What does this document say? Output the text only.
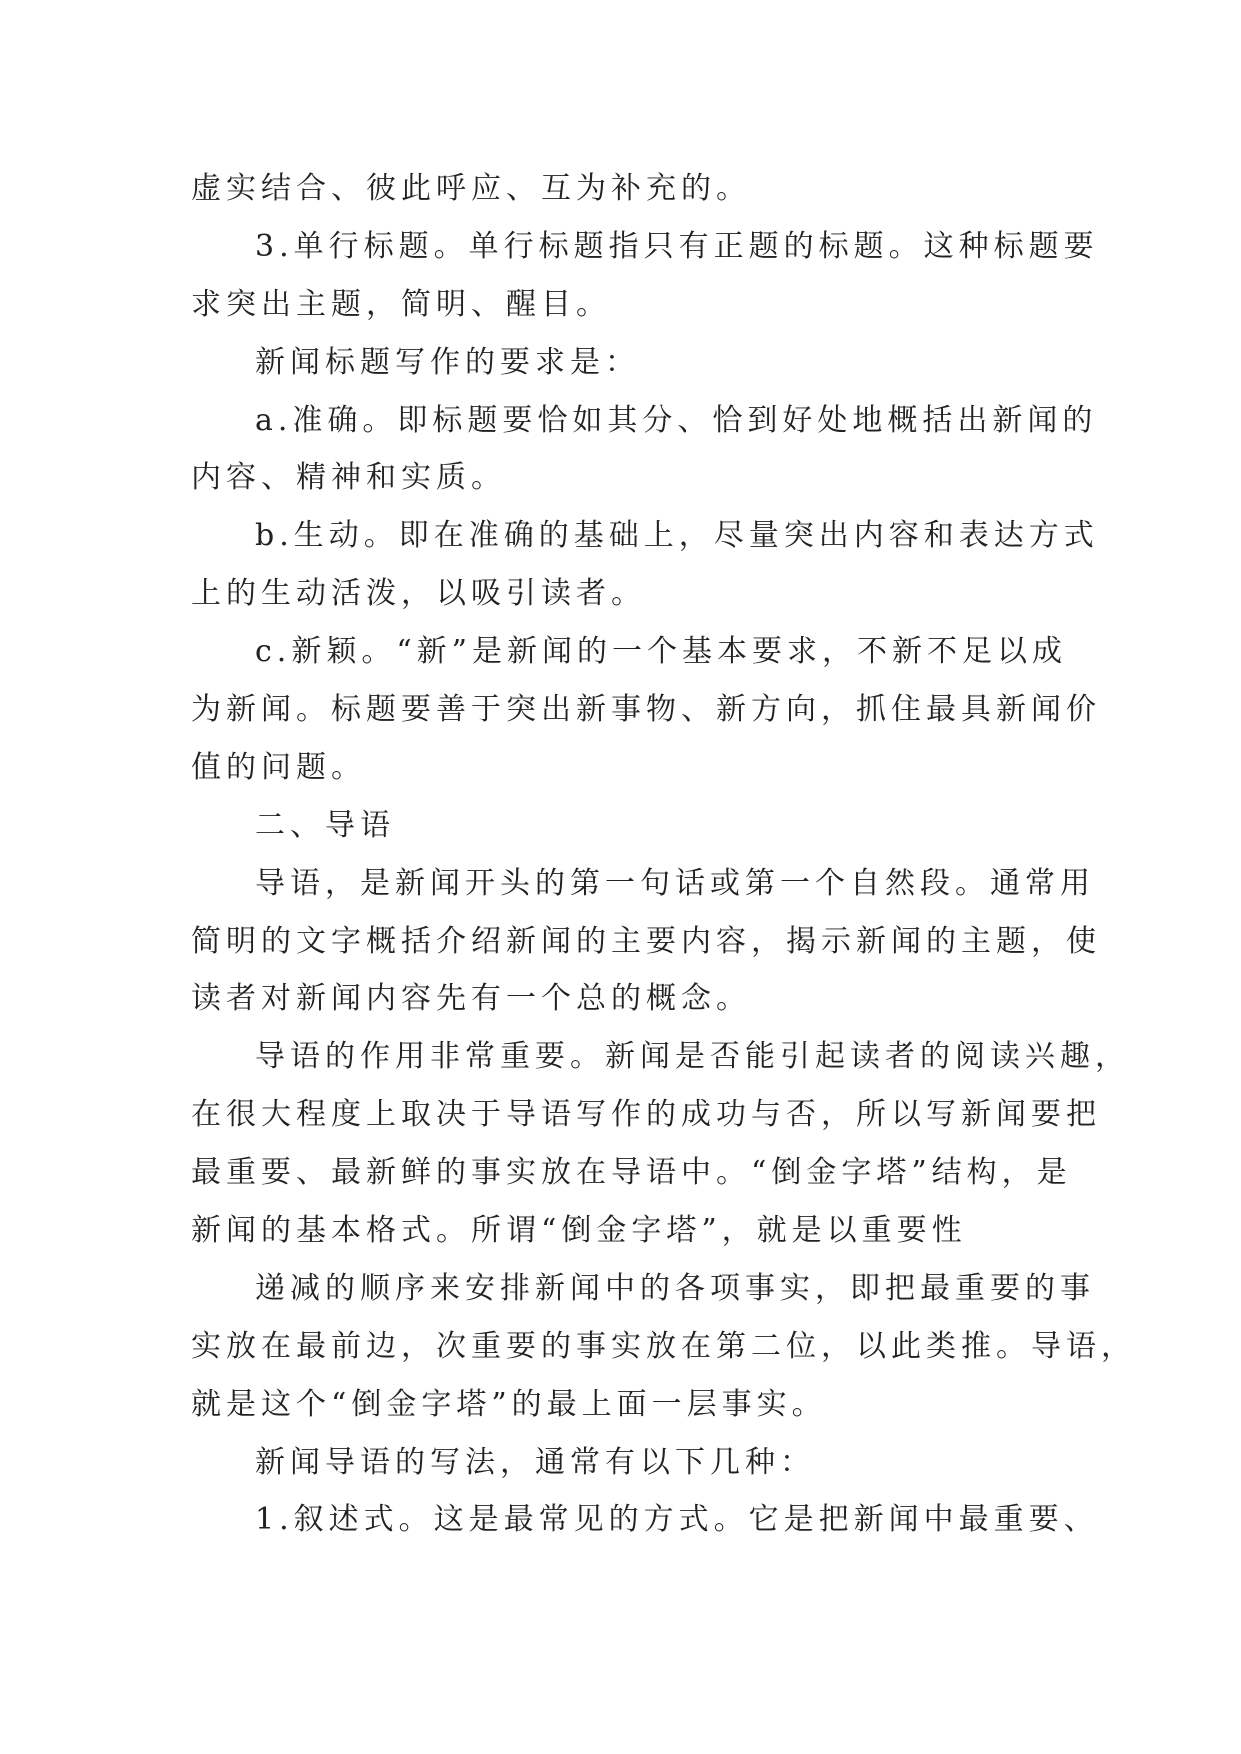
虚实结合、彼此呼应、互为补充的。
3.单行标题。单行标题指只有正题的标题。这种标题要
求突出主题，简明、醒目。
新闻标题写作的要求是：
a.准确。即标题要恰如其分、恰到好处地概括出新闻的
内容、精神和实质。
b.生动。即在准确的基础上，尽量突出内容和表达方式
上的生动活泼，以吸引读者。
c.新颖。“新”是新闻的一个基本要求，不新不足以成
为新闻。标题要善于突出新事物、新方向，抓住最具新闻价
值的问题。
二、导语
导语，是新闻开头的第一句话或第一个自然段。通常用
简明的文字概括介绍新闻的主要内容，揭示新闻的主题，使
读者对新闻内容先有一个总的概念。
导语的作用非常重要。新闻是否能引起读者的阅读兴趣，
在很大程度上取决于导语写作的成功与否，所以写新闻要把
最重要、最新鲜的事实放在导语中。“倒金字塔”结构，是
新闻的基本格式。所谓“倒金字塔”，就是以重要性
递减的顺序来安排新闻中的各项事实，即把最重要的事
实放在最前边，次重要的事实放在第二位，以此类推。导语，
就是这个“倒金字塔”的最上面一层事实。
新闻导语的写法，通常有以下几种：
1.叙述式。这是最常见的方式。它是把新闻中最重要、
